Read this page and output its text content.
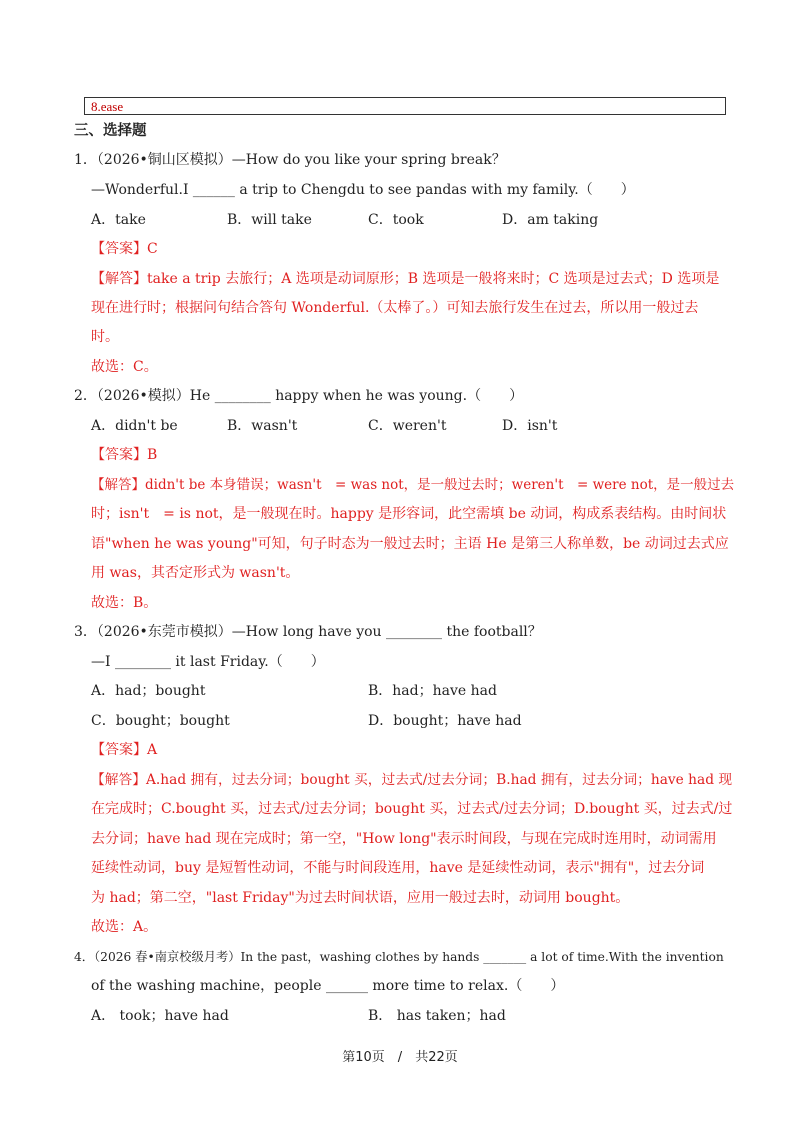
8.ease
三、选择题
1．（2026•铜山区模拟）—How do you like your spring break？
—Wonderful.I ______ a trip to Chengdu to see pandas with my family.（　　）
A．take	B．will take	C．took	D．am taking
【答案】C
【解答】take a trip 去旅行；A 选项是动词原形；B 选项是一般将来时；C 选项是过去式；D 选项是
现在进行时；根据问句结合答句 Wonderful.（太棒了。）可知去旅行发生在过去，所以用一般过去
时。
故选：C。
2．（2026•模拟）He ________ happy when he was young.（　　）
A．didn't be	B．wasn't	C．weren't	D．isn't
【答案】B
【解答】didn't be 本身错误；wasn't　= was not，是一般过去时；weren't　= were not，是一般过去
时；isn't　= is not，是一般现在时。happy 是形容词，此空需填 be 动词，构成系表结构。由时间状
语"when he was young"可知，句子时态为一般过去时；主语 He 是第三人称单数，be 动词过去式应
用 was，其否定形式为 wasn't。
故选：B。
3．（2026•东莞市模拟）—How long have you ________ the football？
—I ________ it last Friday.（　　）
A．had；bought	B．had；have had
C．bought；bought	D．bought；have had
【答案】A
【解答】A.had 拥有，过去分词；bought 买，过去式/过去分词；B.had 拥有，过去分词；have had 现
在完成时；C.bought 买，过去式/过去分词；bought 买，过去式/过去分词；D.bought 买，过去式/过
去分词；have had 现在完成时；第一空，"How long"表示时间段，与现在完成时连用时，动词需用
延续性动词，buy 是短暂性动词，不能与时间段连用，have 是延续性动词，表示"拥有"，过去分词
为 had；第二空，"last Friday"为过去时间状语，应用一般过去时，动词用 bought。
故选：A。
4．（2026 春•南京校级月考）In the past，washing clothes by hands _______ a lot of time.With the invention
of the washing machine，people ______ more time to relax.（　　）
A． took；have had	B． has taken；had
第10页　/　共22页
